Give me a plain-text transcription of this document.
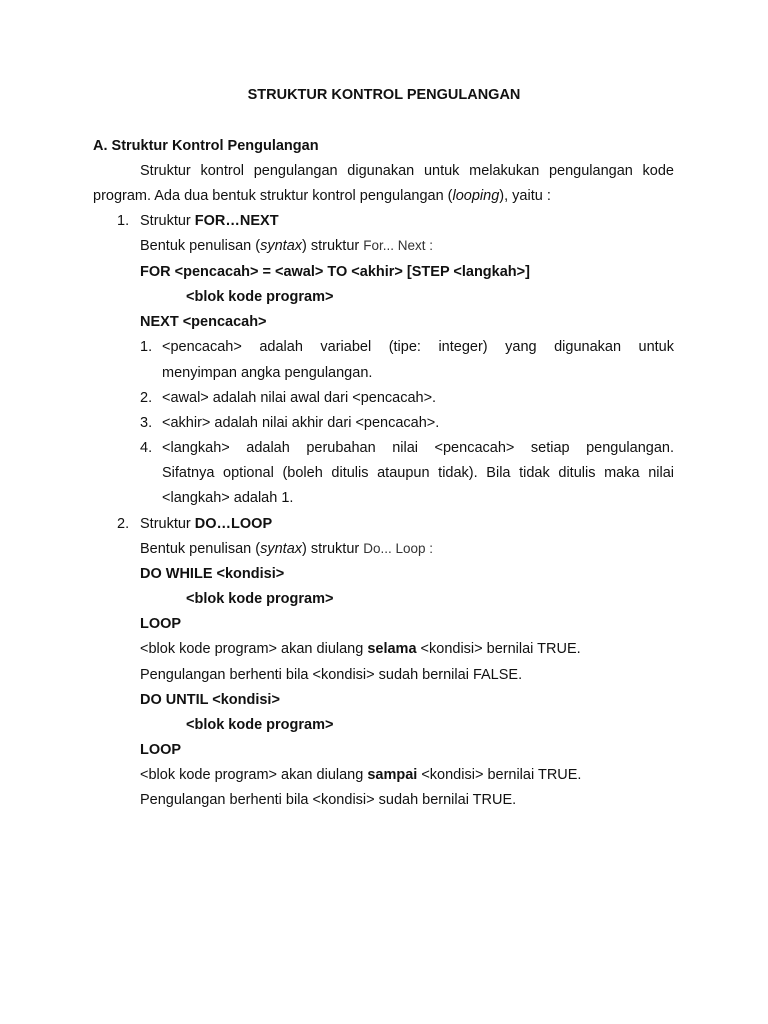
STRUKTUR KONTROL PENGULANGAN
A. Struktur Kontrol Pengulangan
Struktur kontrol pengulangan digunakan untuk melakukan pengulangan kode
program. Ada dua bentuk struktur kontrol pengulangan (looping), yaitu :
1. Struktur FOR…NEXT
Bentuk penulisan (syntax) struktur For... Next :
FOR <pencacah> = <awal> TO <akhir> [STEP <langkah>]
<blok kode program>
NEXT <pencacah>
1. <pencacah> adalah variabel (tipe: integer) yang digunakan untuk
menyimpan angka pengulangan.
2. <awal> adalah nilai awal dari <pencacah>.
3. <akhir> adalah nilai akhir dari <pencacah>.
4. <langkah> adalah perubahan nilai <pencacah> setiap pengulangan.
Sifatnya optional (boleh ditulis ataupun tidak). Bila tidak ditulis maka nilai
<langkah> adalah 1.
2. Struktur DO…LOOP
Bentuk penulisan (syntax) struktur Do... Loop :
DO WHILE <kondisi>
<blok kode program>
LOOP
<blok kode program> akan diulang selama <kondisi> bernilai TRUE.
Pengulangan berhenti bila <kondisi> sudah bernilai FALSE.
DO UNTIL <kondisi>
<blok kode program>
LOOP
<blok kode program> akan diulang sampai <kondisi> bernilai TRUE.
Pengulangan berhenti bila <kondisi> sudah bernilai TRUE.
